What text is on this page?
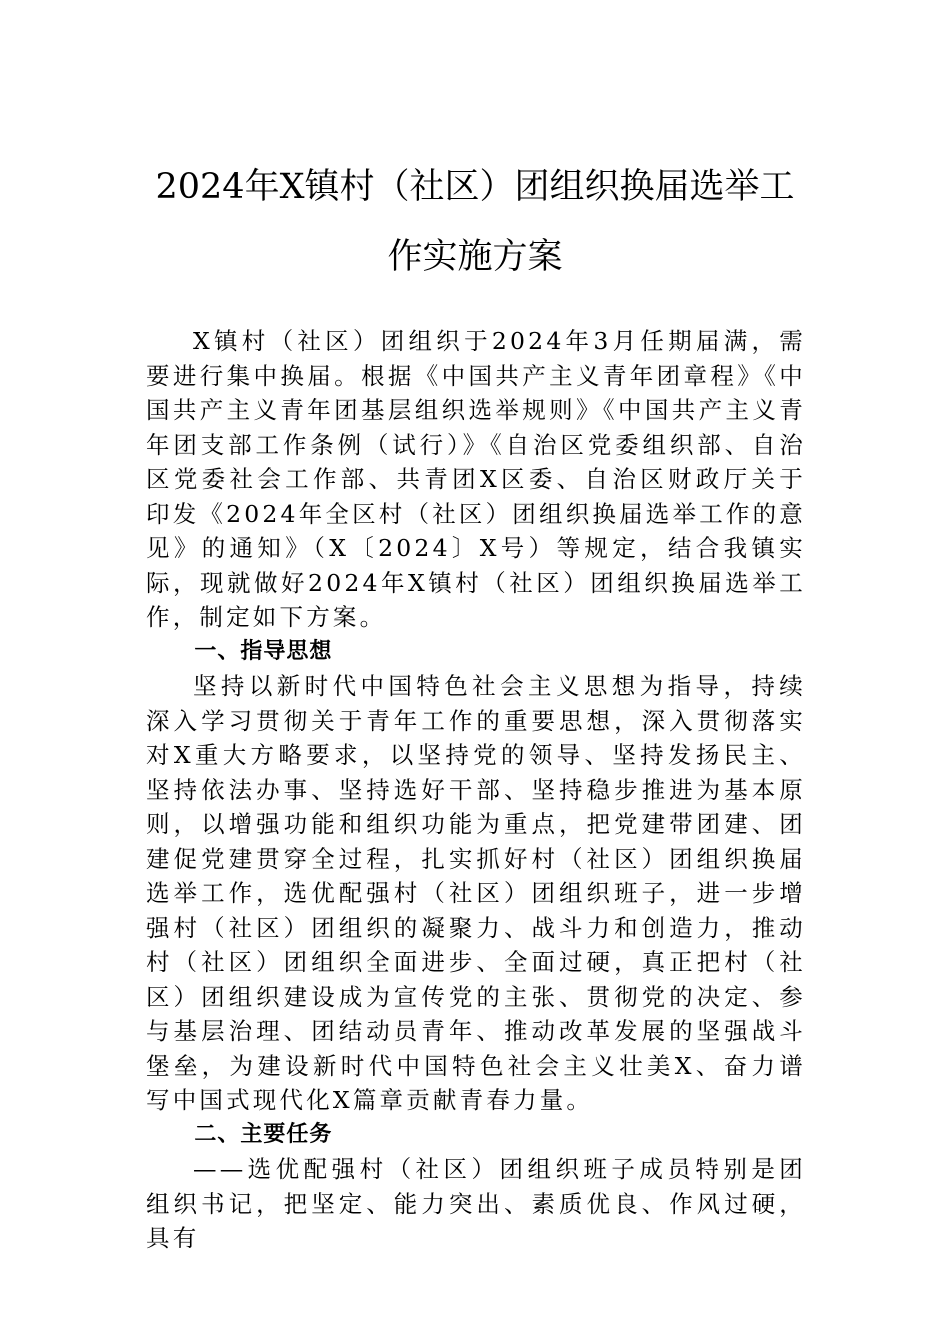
2024年X镇村（社区）团组织换届选举工
作实施方案

X镇村（社区）团组织于2024年3月任期届满，需要进行集中换届。根据《中国共产主义青年团章程》《中国共产主义青年团基层组织选举规则》《中国共产主义青年团支部工作条例（试行）》《自治区党委组织部、自治区党委社会工作部、共青团X区委、自治区财政厅关于印发《2024年全区村（社区）团组织换届选举工作的意见》的通知》（X〔2024〕X号）等规定，结合我镇实际，现就做好2024年X镇村（社区）团组织换届选举工作，制定如下方案。

一、指导思想

坚持以新时代中国特色社会主义思想为指导，持续深入学习贯彻关于青年工作的重要思想，深入贯彻落实对X重大方略要求，以坚持党的领导、坚持发扬民主、坚持依法办事、坚持选好干部、坚持稳步推进为基本原则，以增强功能和组织功能为重点，把党建带团建、团建促党建贯穿全过程，扎实抓好村（社区）团组织换届选举工作，选优配强村（社区）团组织班子，进一步增强村（社区）团组织的凝聚力、战斗力和创造力，推动村（社区）团组织全面进步、全面过硬，真正把村（社区）团组织建设成为宣传党的主张、贯彻党的决定、参与基层治理、团结动员青年、推动改革发展的坚强战斗堡垒，为建设新时代中国特色社会主义壮美X、奋力谱写中国式现代化X篇章贡献青春力量。

二、主要任务

——选优配强村（社区）团组织班子成员特别是团组织书记，把坚定、能力突出、素质优良、作风过硬，具有
